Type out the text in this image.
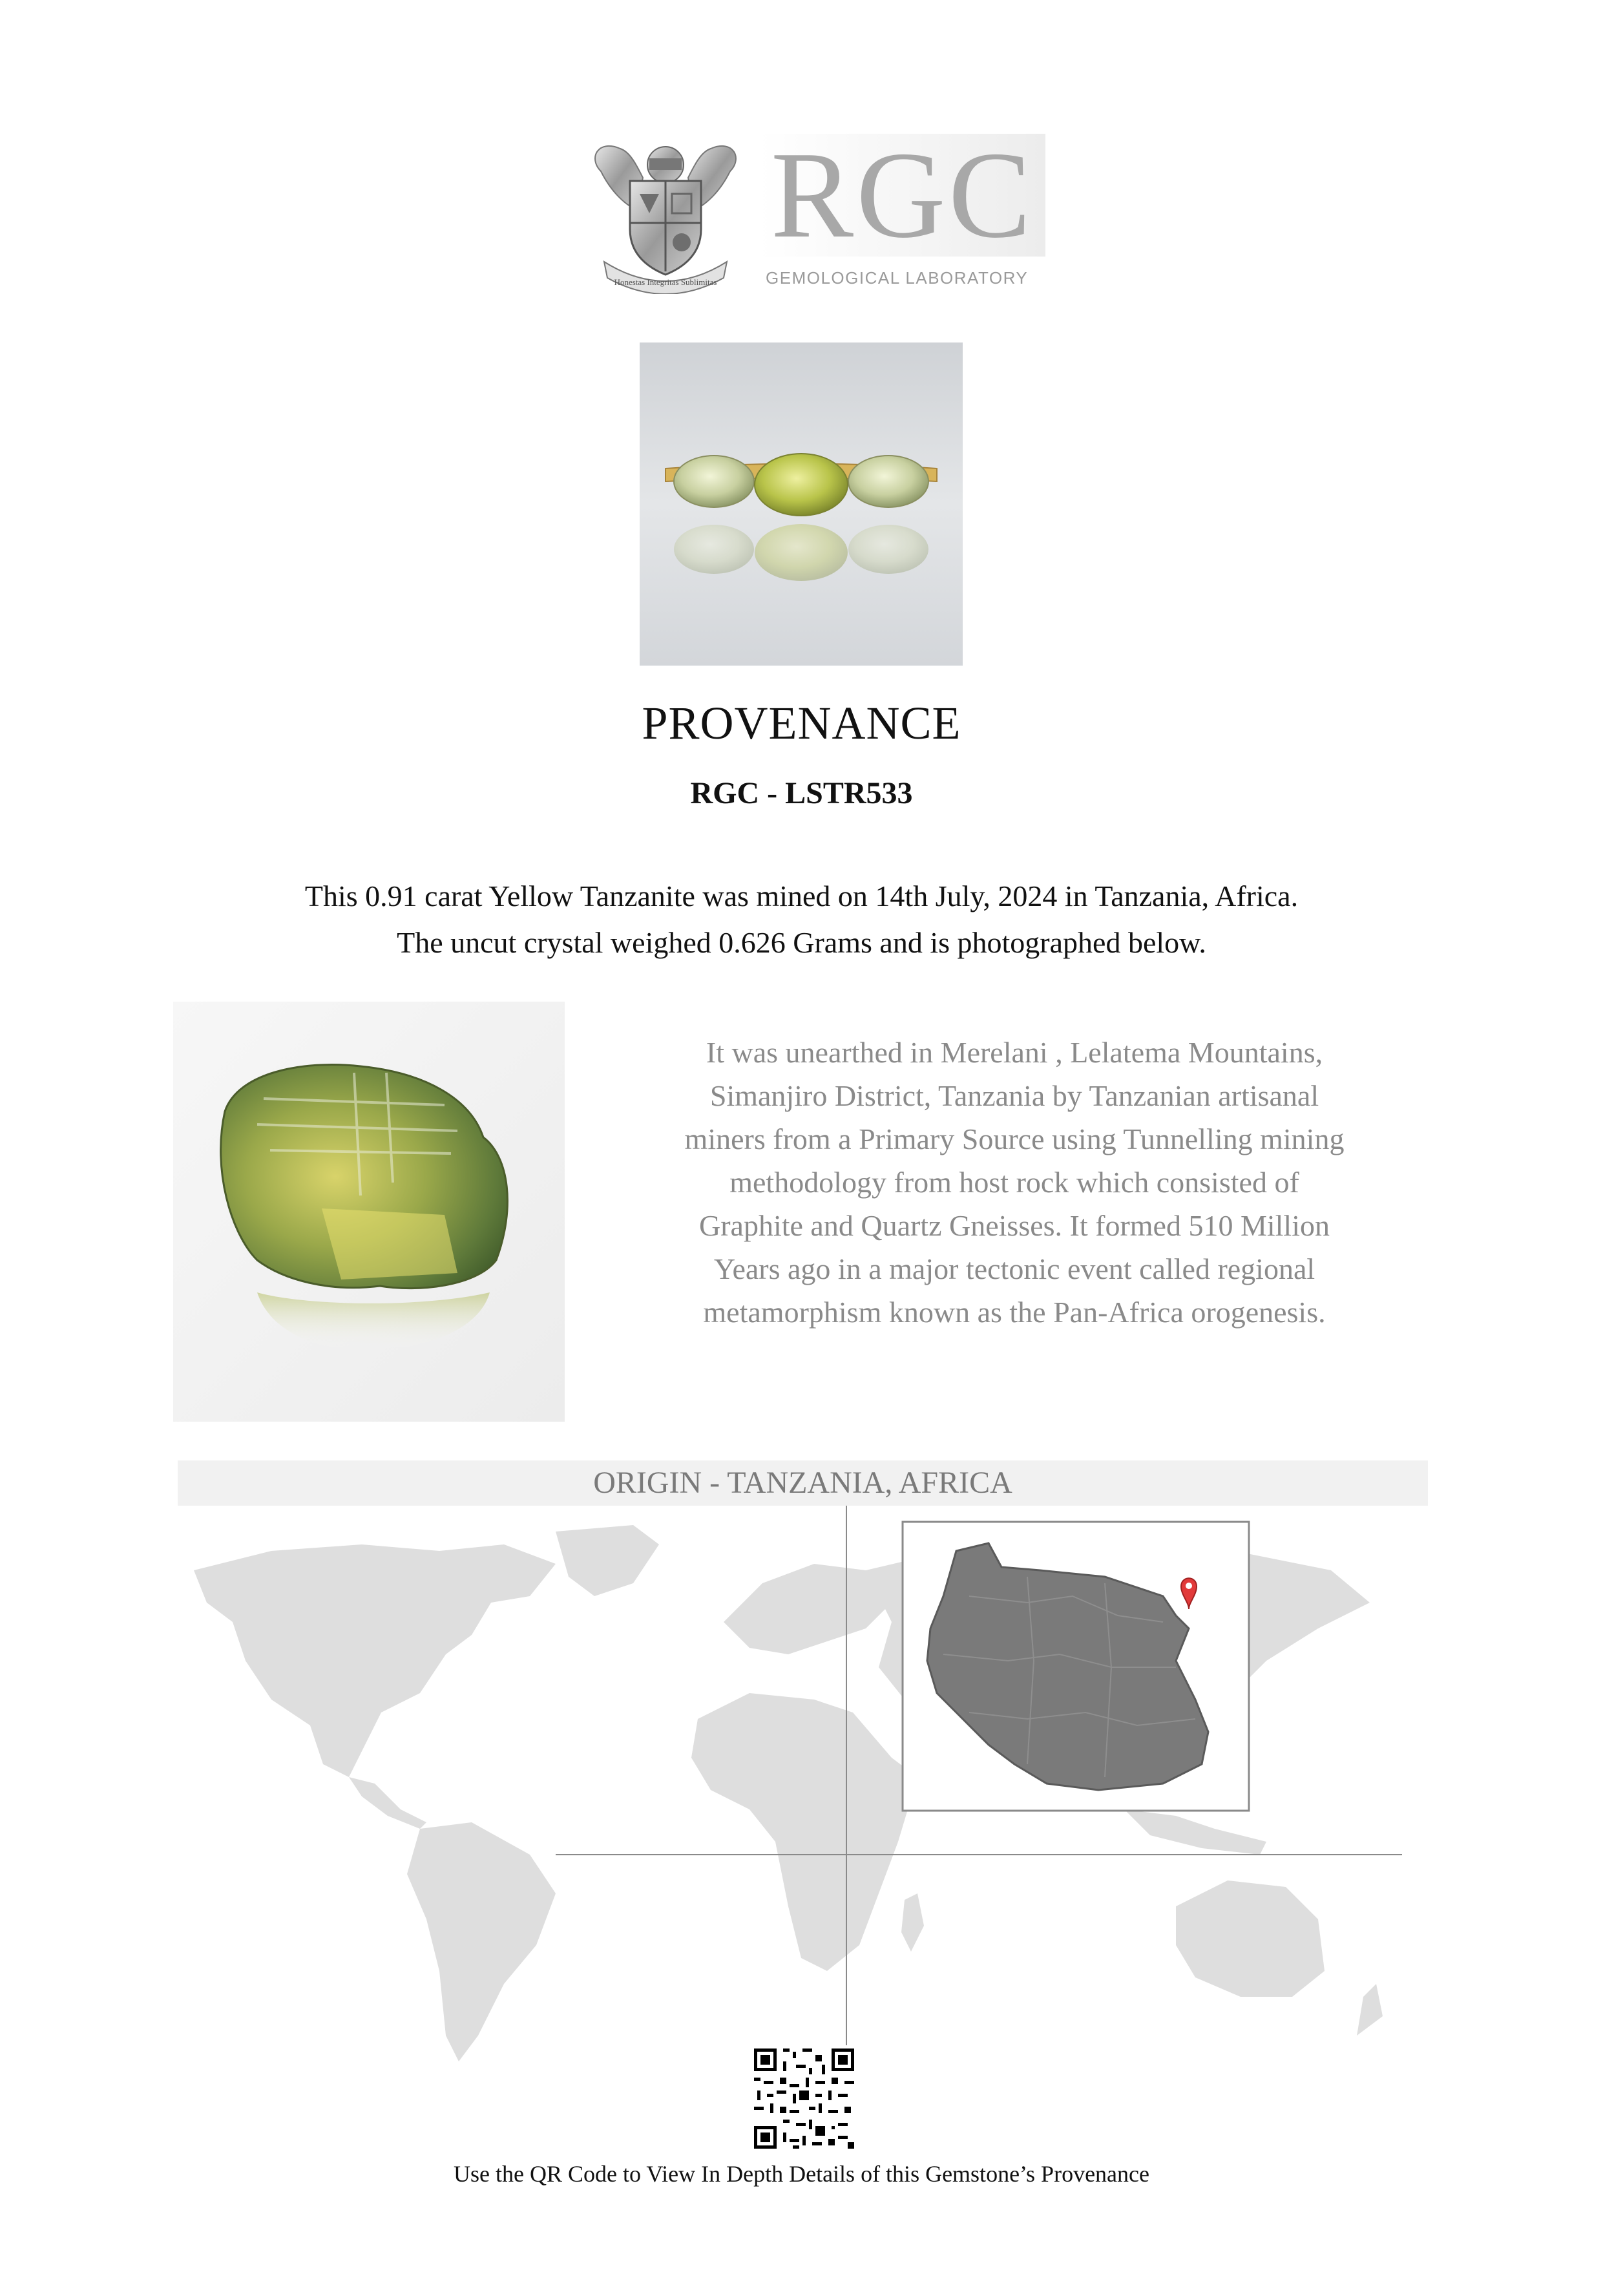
Honestas Integritas Sublimitas
RGC
GEMOLOGICAL LABORATORY
PROVENANCE
RGC - LSTR533
This 0.91 carat Yellow Tanzanite was mined on 14th July, 2024 in Tanzania, Africa.
The uncut crystal weighed 0.626 Grams and is photographed below.
It was unearthed in Merelani , Lelatema Mountains,
Simanjiro District, Tanzania by Tanzanian artisanal
miners from a Primary Source using Tunnelling mining
methodology from host rock which consisted of
Graphite and Quartz Gneisses. It formed 510 Million
Years ago in a major tectonic event called regional
metamorphism known as the Pan-Africa orogenesis.
ORIGIN - TANZANIA, AFRICA
Use the QR Code to View In Depth Details of this Gemstone’s Provenance
